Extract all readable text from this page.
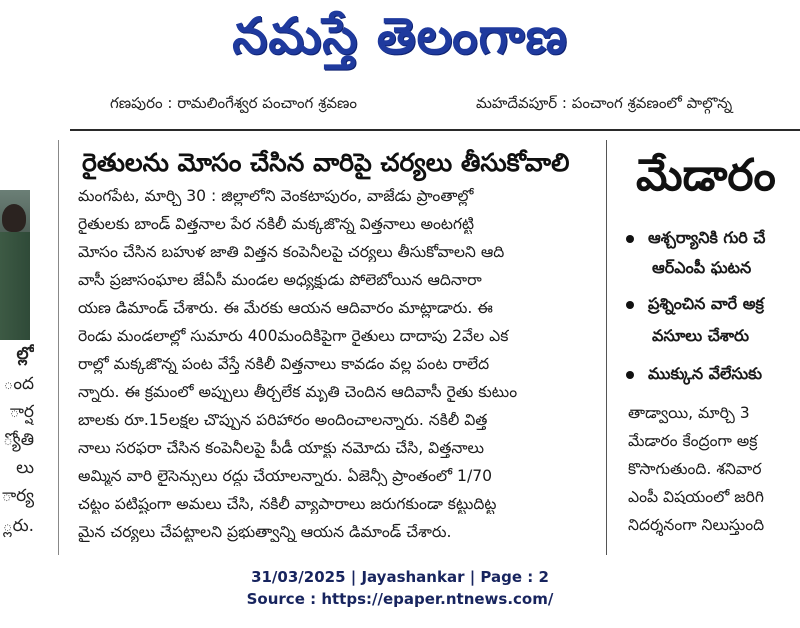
నమస్తే తెలంగాణ
గణపురం : రామలింగేశ్వర పంచాంగ శ్రవణం	మహదేవపూర్ : పంచాంగ శ్రవణంలో పాల్గొన్న
ల్లో
ంద
ార్ష
్యోతి
లు
ార్య
్లరు.
రైతులను మోసం చేసిన వారిపై చర్యలు తీసుకోవాలి
మంగపేట, మార్చి 30 : జిల్లాలోని వెంకటాపురం, వాజేడు ప్రాంతాల్లో
రైతులకు బాండ్ విత్తనాల పేర నకిలీ మక్కజొన్న విత్తనాలు అంటగట్టి
మోసం చేసిన బహుళ జాతి విత్తన కంపెనీలపై చర్యలు తీసుకోవాలని ఆది
వాసీ ప్రజాసంఘాల జేఏసీ మండల అధ్యక్షుడు పోలెబోయిన ఆదినారా
యణ డిమాండ్ చేశారు. ఈ మేరకు ఆయన ఆదివారం మాట్లాడారు. ఈ
రెండు మండలాల్లో సుమారు 400మందికిపైగా రైతులు దాదాపు 2వేల ఎక
రాల్లో మక్కజొన్న పంట వేస్తే నకిలీ విత్తనాలు కావడం వల్ల పంట రాలేద
న్నారు. ఈ క్రమంలో అప్పులు తీర్చలేక మృతి చెందిన ఆదివాసీ రైతు కుటుం
బాలకు రూ.15లక్షల చొప్పున పరిహారం అందించాలన్నారు. నకిలీ విత్త
నాలు సరఫరా చేసిన కంపెనీలపై పీడీ యాక్టు నమోదు చేసి, విత్తనాలు
అమ్మిన వారి లైసెన్సులు రద్దు చేయాలన్నారు. ఏజెన్సీ ప్రాంతంలో 1/70
చట్టం పటిష్టంగా అమలు చేసి, నకిలీ వ్యాపారాలు జరుగకుండా కట్టుదిట్ట
మైన చర్యలు చేపట్టాలని ప్రభుత్వాన్ని ఆయన డిమాండ్ చేశారు.
మేడారం
ఆశ్చర్యానికి గురి చే
ఆర్‌ఎంపీ ఘటన
ప్రశ్నించిన వారే అక్ర
వసూలు చేశారు
ముక్కున వేలేసుకు
తాడ్వాయి, మార్చి 3
మేడారం కేంద్రంగా అక్ర
కొసాగుతుంది. శనివార
ఎంపీ విషయంలో జరిగి
నిదర్శనంగా నిలుస్తుంది
31/03/2025 | Jayashankar | Page : 2
Source : https://epaper.ntnews.com/
